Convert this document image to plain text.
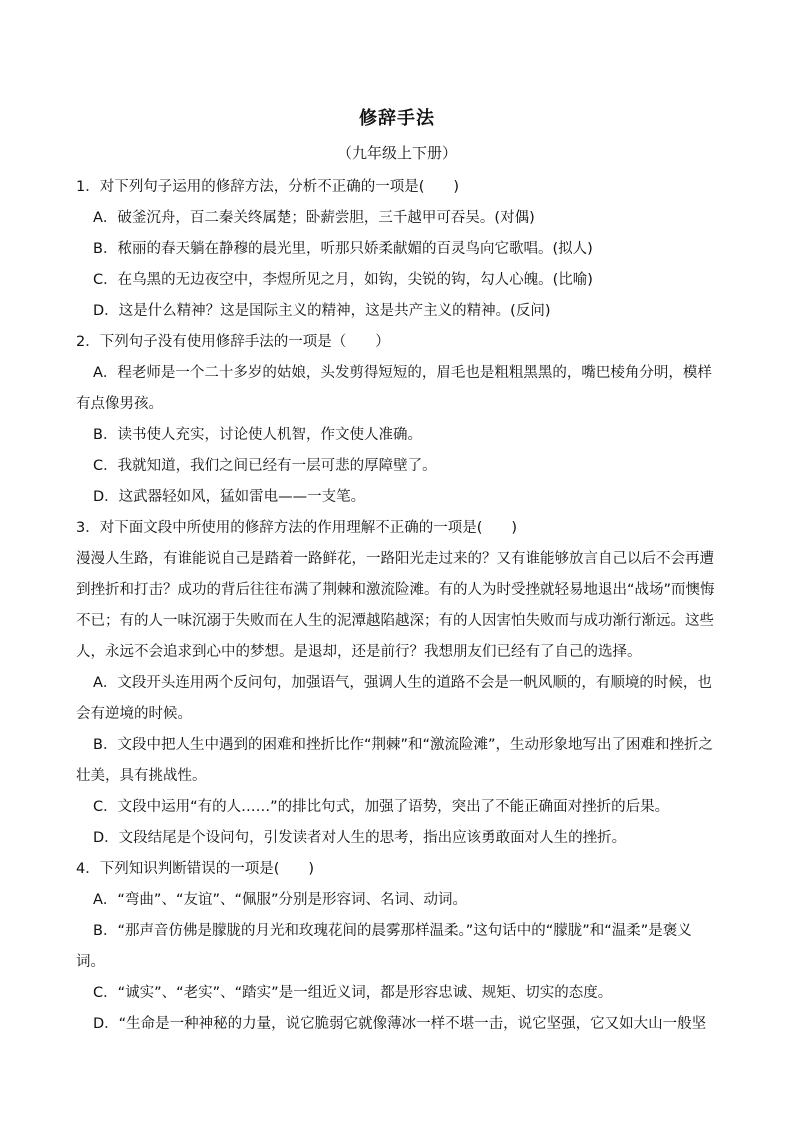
修辞手法
（九年级上下册）
1．对下列句子运用的修辞方法，分析不正确的一项是(　　)
A．破釜沉舟，百二秦关终属楚；卧薪尝胆，三千越甲可吞吴。(对偶)
B．秾丽的春天躺在静穆的晨光里，听那只娇柔献媚的百灵鸟向它歌唱。(拟人)
C．在乌黑的无边夜空中，李煜所见之月，如钩，尖锐的钩，勾人心魄。(比喻)
D．这是什么精神？这是国际主义的精神，这是共产主义的精神。(反问)
2．下列句子没有使用修辞手法的一项是（　　）
A．程老师是一个二十多岁的姑娘，头发剪得短短的，眉毛也是粗粗黑黑的，嘴巴棱角分明，模样有点像男孩。
B．读书使人充实，讨论使人机智，作文使人准确。
C．我就知道，我们之间已经有一层可悲的厚障壁了。
D．这武器轻如风，猛如雷电——一支笔。
3．对下面文段中所使用的修辞方法的作用理解不正确的一项是(　　)
漫漫人生路，有谁能说自己是踏着一路鲜花，一路阳光走过来的？又有谁能够放言自己以后不会再遭到挫折和打击？成功的背后往往布满了荆棘和激流险滩。有的人为时受挫就轻易地退出“战场”而懊悔不已；有的人一味沉溺于失败而在人生的泥潭越陷越深；有的人因害怕失败而与成功渐行渐远。这些人，永远不会追求到心中的梦想。是退却，还是前行？我想朋友们已经有了自己的选择。
A．文段开头连用两个反问句，加强语气，强调人生的道路不会是一帆风顺的，有顺境的时候，也会有逆境的时候。
B．文段中把人生中遇到的困难和挫折比作“荆棘”和“激流险滩”，生动形象地写出了困难和挫折之壮美，具有挑战性。
C．文段中运用“有的人……”的排比句式，加强了语势，突出了不能正确面对挫折的后果。
D．文段结尾是个设问句，引发读者对人生的思考，指出应该勇敢面对人生的挫折。
4．下列知识判断错误的一项是(　　)
A．“弯曲”、“友谊”、“佩服”分别是形容词、名词、动词。
B．“那声音仿佛是朦胧的月光和玫瑰花间的晨雾那样温柔。”这句话中的“朦胧”和“温柔”是褒义词。
C．“诚实”、“老实”、“踏实”是一组近义词，都是形容忠诚、规矩、切实的态度。
D．“生命是一种神秘的力量，说它脆弱它就像薄冰一样不堪一击，说它坚强，它又如大山一般坚
